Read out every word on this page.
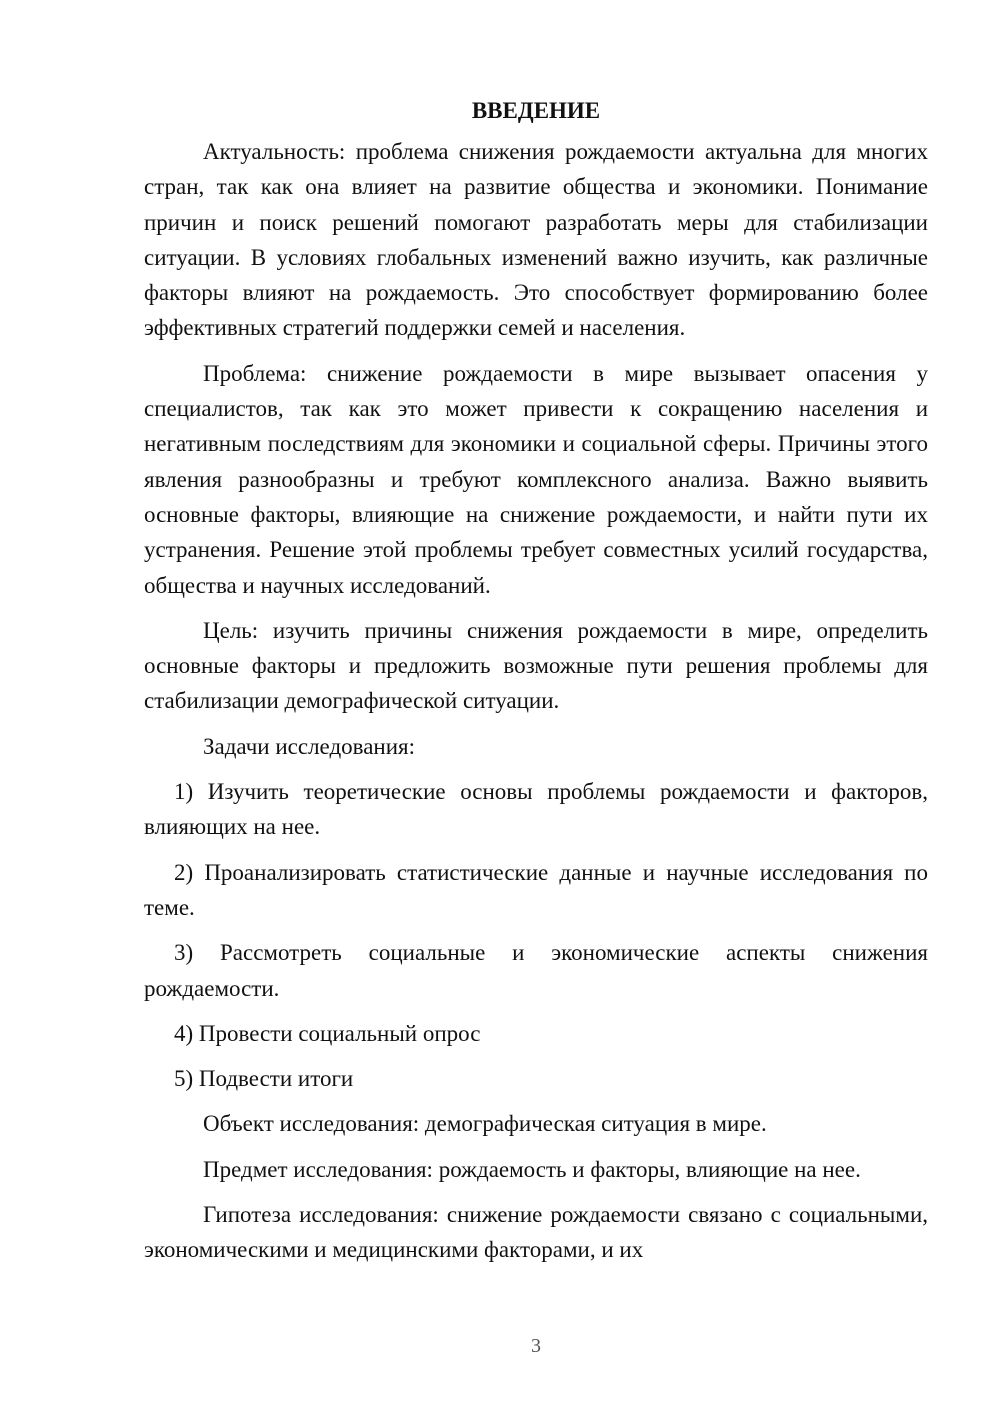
ВВЕДЕНИЕ

Актуальность: проблема снижения рождаемости актуальна для многих стран, так как она влияет на развитие общества и экономики. Понимание причин и поиск решений помогают разработать меры для стабилизации ситуации. В условиях глобальных изменений важно изучить, как различные факторы влияют на рождаемость. Это способствует формированию более эффективных стратегий поддержки семей и населения.

Проблема: снижение рождаемости в мире вызывает опасения у специалистов, так как это может привести к сокращению населения и негативным последствиям для экономики и социальной сферы. Причины этого явления разнообразны и требуют комплексного анализа. Важно выявить основные факторы, влияющие на снижение рождаемости, и найти пути их устранения. Решение этой проблемы требует совместных усилий государства, общества и научных исследований.

Цель: изучить причины снижения рождаемости в мире, определить основные факторы и предложить возможные пути решения проблемы для стабилизации демографической ситуации.

Задачи исследования:

1) Изучить теоретические основы проблемы рождаемости и факторов, влияющих на нее.

2) Проанализировать статистические данные и научные исследования по теме.

3) Рассмотреть социальные и экономические аспекты снижения рождаемости.

4) Провести социальный опрос

5) Подвести итоги

Объект исследования: демографическая ситуация в мире.

Предмет исследования: рождаемость и факторы, влияющие на нее.

Гипотеза исследования: снижение рождаемости связано с социальными, экономическими и медицинскими факторами, и их

3
